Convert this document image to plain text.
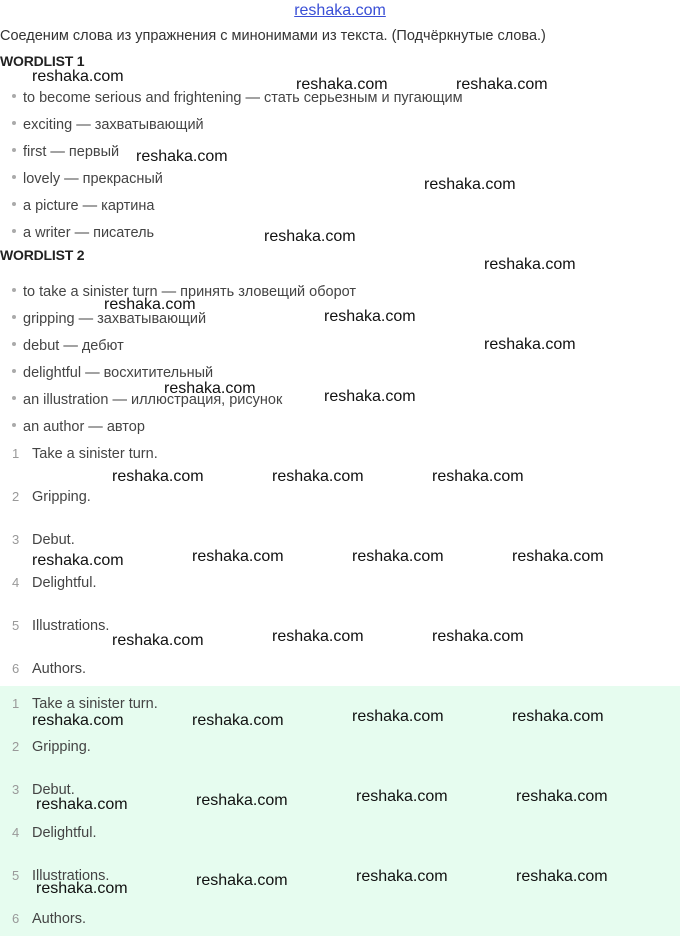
reshaka.com
Соедeним слова из упражнения с минонимами из текста. (Подчёркнутые слова.)
WORDLIST 1
to become serious and frightening — стать серьезным и пугающим
exciting — захватывающий
first — первый
lovely — прекрасный
a picture — картина
a writer — писатель
WORDLIST 2
to take a sinister turn — принять зловещий оборот
gripping — захватывающий
debut — дебют
delightful — восхитительный
an illustration — иллюстрация, рисунок
an author — автор
1 Take a sinister turn.
2 Gripping.
3 Debut.
4 Delightful.
5 Illustrations.
6 Authors.
1 Take a sinister turn.
2 Gripping.
3 Debut.
4 Delightful.
5 Illustrations.
6 Authors.
reshaka.com	reshaka.com	reshaka.com
reshaka.com
reshaka.com
reshaka.com
reshaka.com
reshaka.com
reshaka.com
reshaka.com
reshaka.com	reshaka.com
reshaka.com	reshaka.com	reshaka.com
reshaka.com	reshaka.com	reshaka.com	reshaka.com
reshaka.com	reshaka.com	reshaka.com
reshaka.com	reshaka.com	reshaka.com	reshaka.com
reshaka.com	reshaka.com	reshaka.com	reshaka.com
reshaka.com	reshaka.com	reshaka.com	reshaka.com
